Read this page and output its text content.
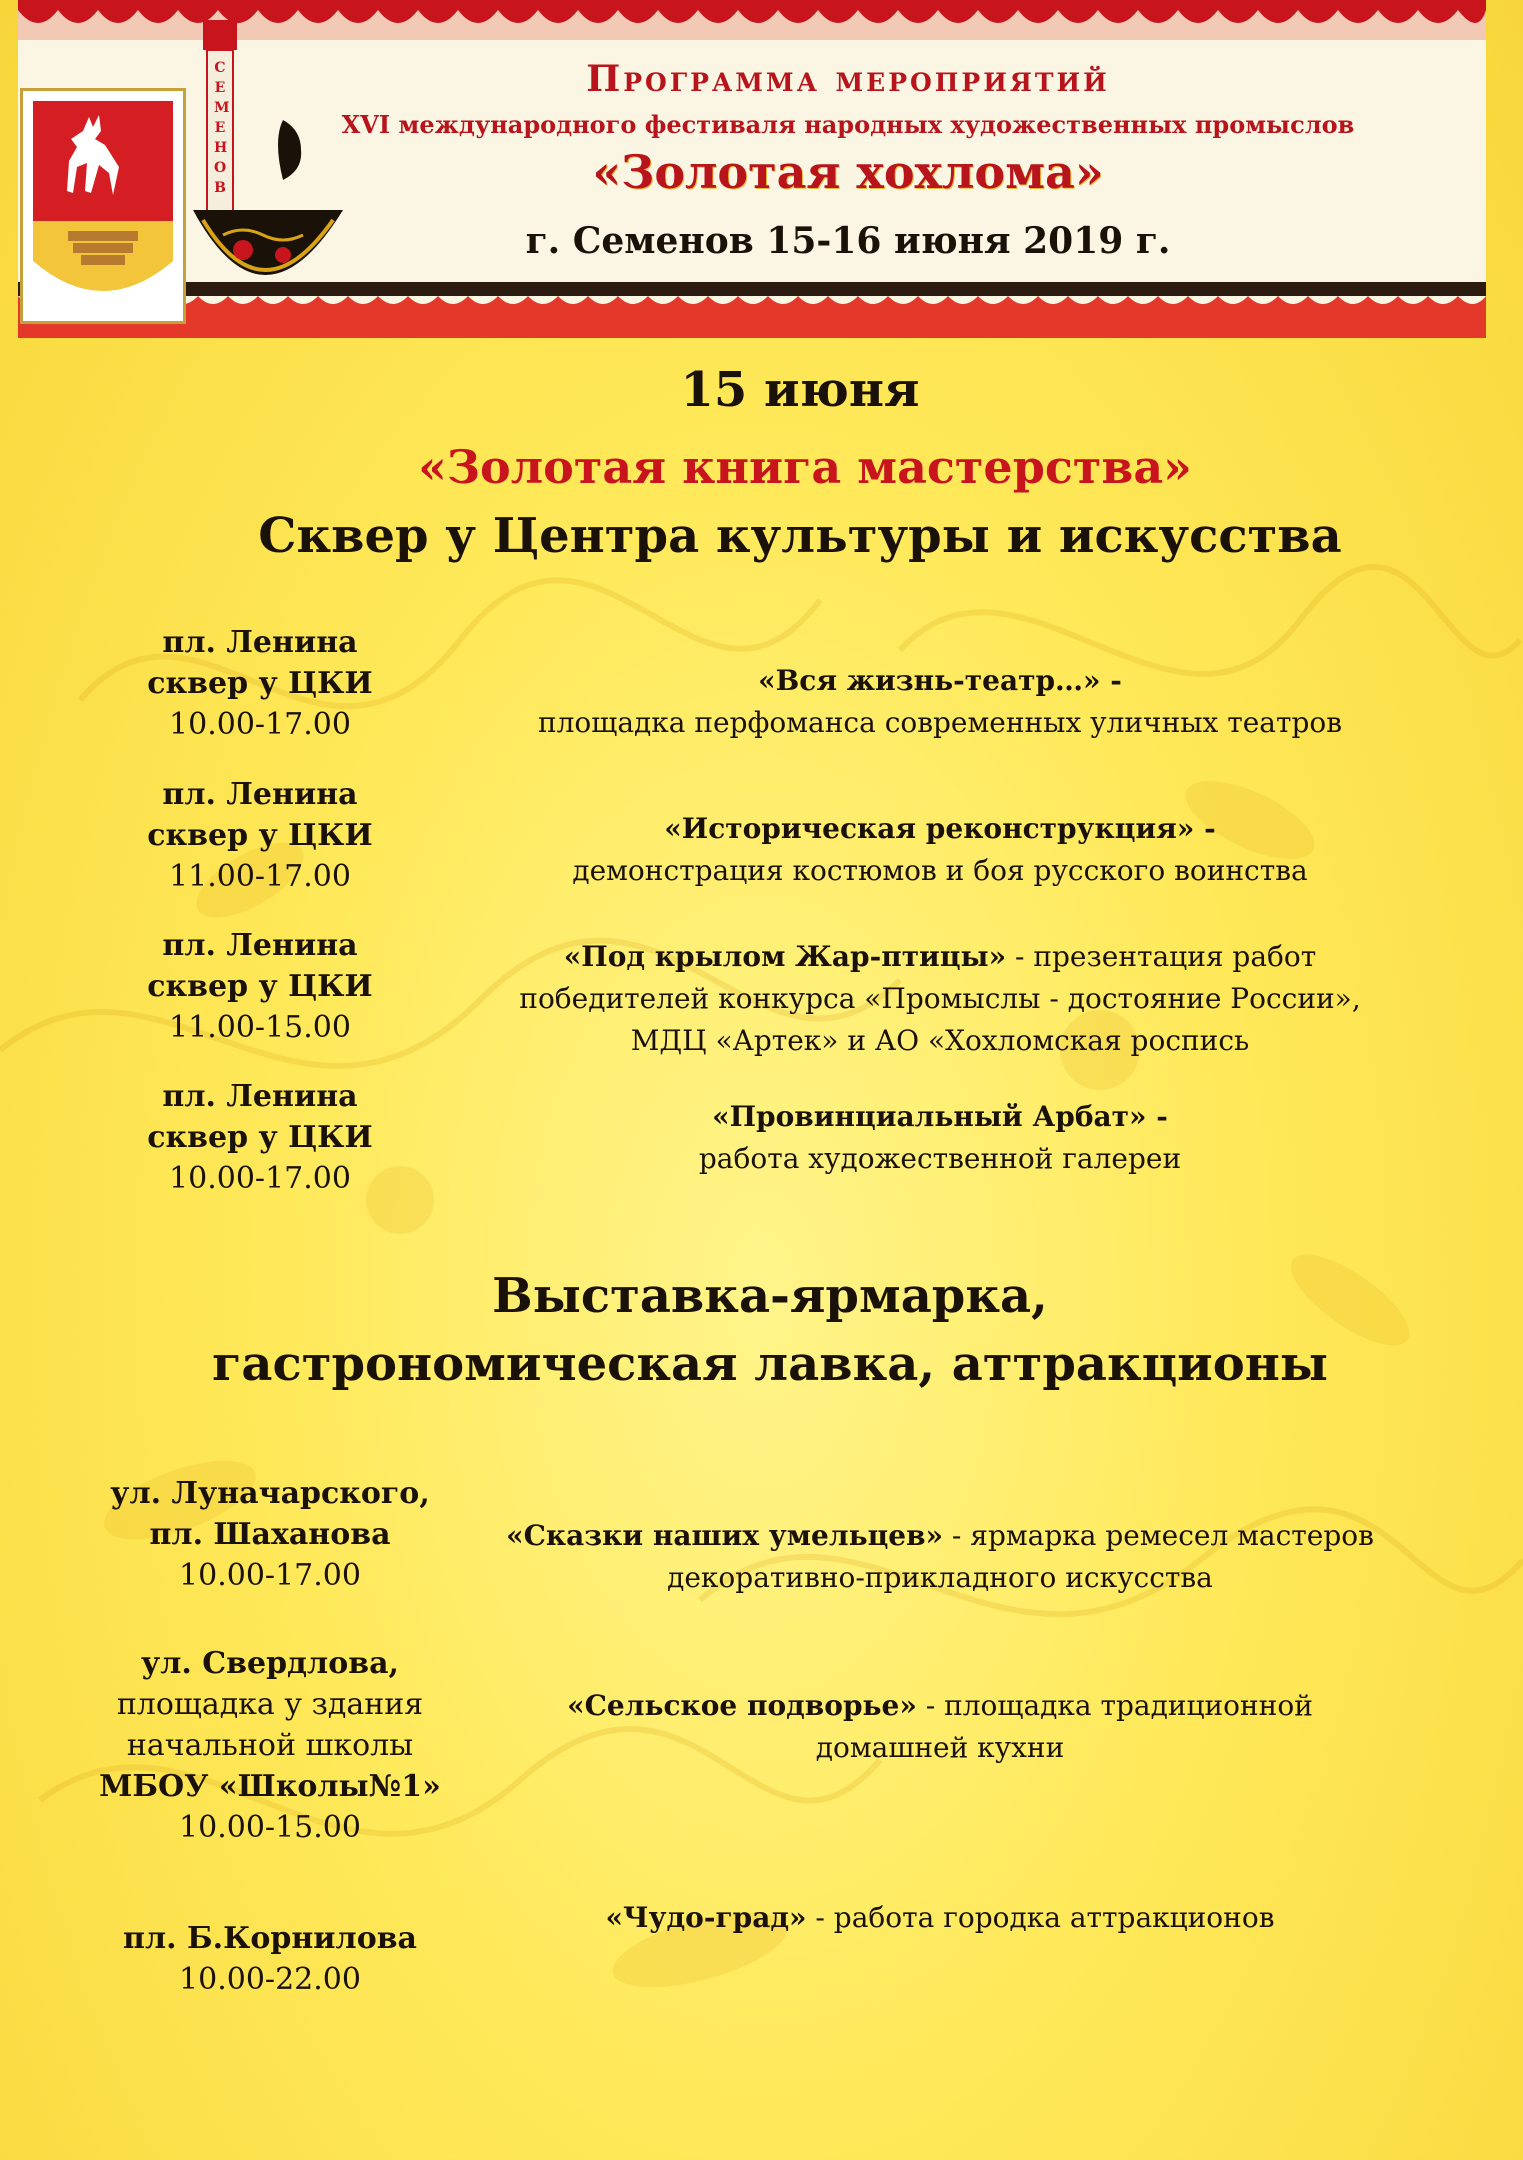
СЕМЕНОВ
Программа мероприятий
XVI международного фестиваля народных художественных промыслов
«Золотая хохлома»
г. Семенов 15-16 июня 2019 г.
15 июня
«Золотая книга мастерства»
Сквер у Центра культуры и искусства
пл. Ленина
сквер у ЦКИ
10.00-17.00
«Вся жизнь-театр…» -
площадка перфоманса современных уличных театров
пл. Ленина
сквер у ЦКИ
11.00-17.00
«Историческая реконструкция» -
демонстрация костюмов и боя русского воинства
пл. Ленина
сквер у ЦКИ
11.00-15.00
«Под крылом Жар-птицы» - презентация работ
победителей конкурса «Промыслы - достояние России»,
МДЦ «Артек» и АО «Хохломская роспись
пл. Ленина
сквер у ЦКИ
10.00-17.00
«Провинциальный Арбат» -
работа художественной галереи
Выставка-ярмарка,
гастрономическая лавка, аттракционы
ул. Луначарского,
пл. Шаханова
10.00-17.00
«Сказки наших умельцев» - ярмарка ремесел мастеров
декоративно-прикладного искусства
ул. Свердлова,
площадка у здания
начальной школы
МБОУ «Школы№1»
10.00-15.00
«Сельское подворье» - площадка традиционной
домашней кухни
пл. Б.Корнилова
10.00-22.00
«Чудо-град» - работа городка аттракционов
